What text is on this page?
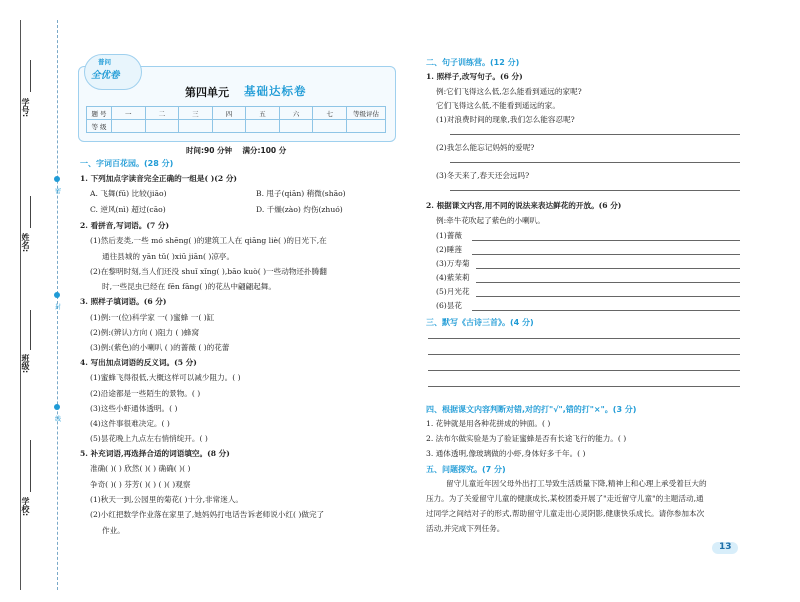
学号:
姓名:
班级:
学校:
密
封
线
普问
全优卷
第四单元 基础达标卷
题 号	一	二	三	四	五	六	七	等级评估
等 级								
时间:90 分钟    满分:100 分
一、字词百花园。(28 分)
1. 下列加点字读音完全正确的一组是( )(2 分)
A. 飞舞(fū) 比较(jiāo)	B. 甩子(qiān) 稍微(shāo)
C. 逆风(nì) 超过(cāo)	D. 千燥(zào) 灼伤(zhuó)
2. 看拼音,写词语。(7 分)
(1)然后麦类,一些 mó shēng( )的建筑工人在 qiāng liè( )的日光下,在
通往县城的 yān tǔ( )xiū jiān( )凉亭。
(2)在黎明时刻,当人们还没 shuǐ xǐng( ),bāo kuò( )一些动物还扑腾翻
时,一些昆虫已经在 fēn fāng( )的花丛中翩翩起舞。
3. 照样子填词语。(6 分)
(1)例:一(位)科学家 一( )蜜蜂 一( )缸
(2)例:(辨认)方向 ( )阻力 ( )蜂窝
(3)例:(紫色)的小喇叭 ( )的蔷薇 ( )的花蕾
4. 写出加点词语的反义词。(5 分)
(1)蜜蜂飞得很低,大概这样可以减少阻力。( )
(2)沿途都是一些陌生的景物。( )
(3)这些小虾通体透明。( )
(4)这件事很难决定。( )
(5)昙花晚上九点左右悄悄绽开。( )
5. 补充词语,再选择合适的词语填空。(8 分)
准确( )( ) 欣然( )( ) 确确( )( )
争奇( )( ) 芬芳( )( ) ( )( )观察
(1)秋天一到,公园里的菊花( )十分,非常迷人。
(2)小红把数学作业落在家里了,她妈妈打电话告诉老师说小红( )做完了
作业。
二、句子训练营。(12 分)
1. 照样子,改写句子。(6 分)
例:它们飞得这么低,怎么能看到遥远的家呢?
它们飞得这么低,不能看到遥远的家。
(1)对浪费时间的现象,我们怎么能容忍呢?
(2)我怎么能忘记妈妈的爱呢?
(3)冬天来了,春天还会远吗?
2. 根据课文内容,用不同的说法来表达鲜花的开放。(6 分)
例:牵牛花吹起了紫色的小喇叭。
(1)蔷薇
(2)睡莲
(3)万寿菊
(4)紫茉莉
(5)月光花
(6)昙花
三、默写《古诗三首》。(4 分)
四、根据课文内容判断对错,对的打"√",错的打"×"。(3 分)
1. 花钟就是用各种花拼成的钟面。( )
2. 法布尔做实验是为了验证蜜蜂是否有长途飞行的能力。( )
3. 通体透明,像玻璃做的小虾,身体好多千年。( )
五、问题探究。(7 分)
留守儿童近年因父母外出打工导致生活质量下降,精神上和心理上承受着巨大的
压力。为了关爱留守儿童的健康成长,某校团委开展了"走近留守儿童"的主题活动,通
过同学之间结对子的形式,帮助留守儿童走出心灵阴影,健康快乐成长。请你参加本次
活动,并完成下列任务。
13
